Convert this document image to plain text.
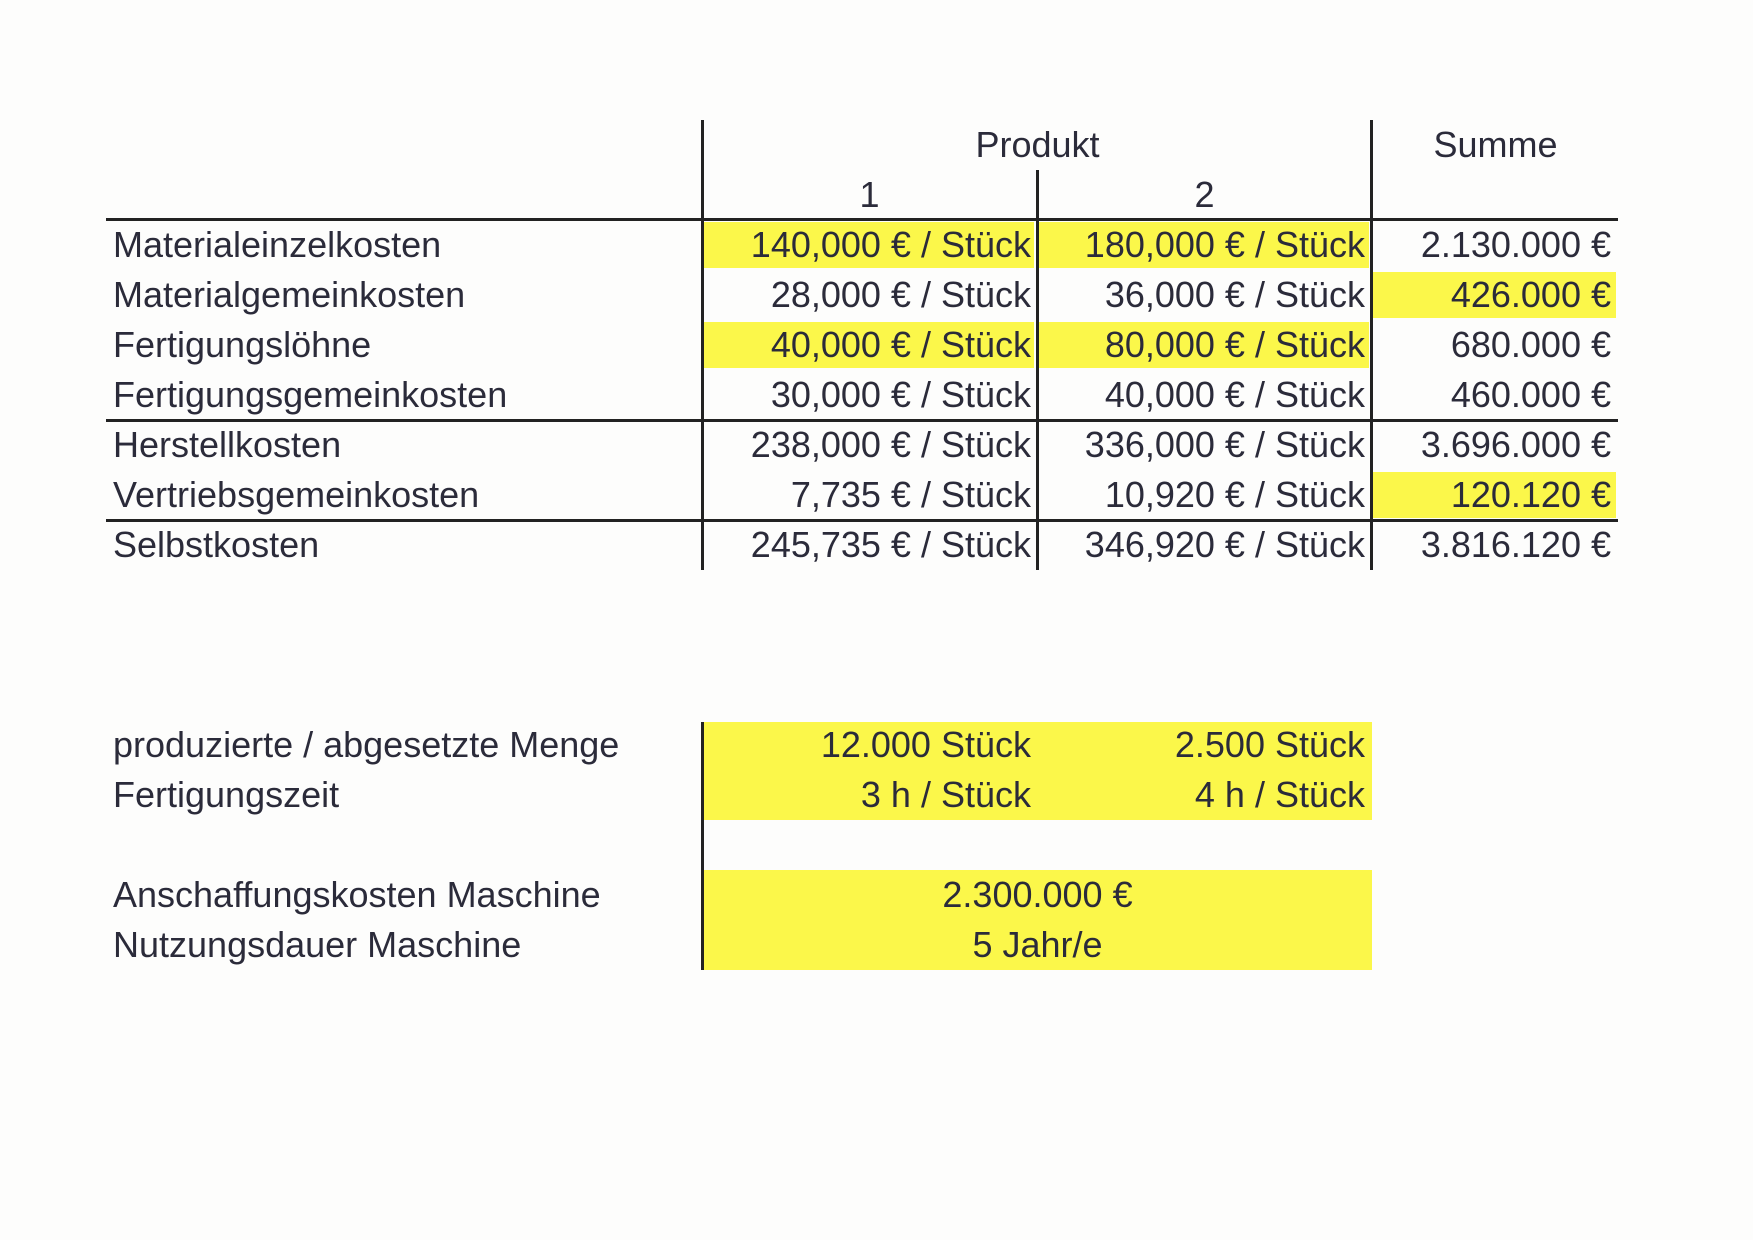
Produkt
1	2
Summe
Materialeinzelkosten	140,000 € / Stück	180,000 € / Stück	2.130.000 €
Materialgemeinkosten	28,000 € / Stück	36,000 € / Stück	426.000 €
Fertigungslöhne	40,000 € / Stück	80,000 € / Stück	680.000 €
Fertigungsgemeinkosten	30,000 € / Stück	40,000 € / Stück	460.000 €
Herstellkosten	238,000 € / Stück	336,000 € / Stück	3.696.000 €
Vertriebsgemeinkosten	7,735 € / Stück	10,920 € / Stück	120.120 €
Selbstkosten	245,735 € / Stück	346,920 € / Stück	3.816.120 €
produzierte / abgesetzte Menge	12.000 Stück	2.500 Stück
Fertigungszeit	3 h / Stück	4 h / Stück
Anschaffungskosten Maschine	2.300.000 €
Nutzungsdauer Maschine	5 Jahr/e
